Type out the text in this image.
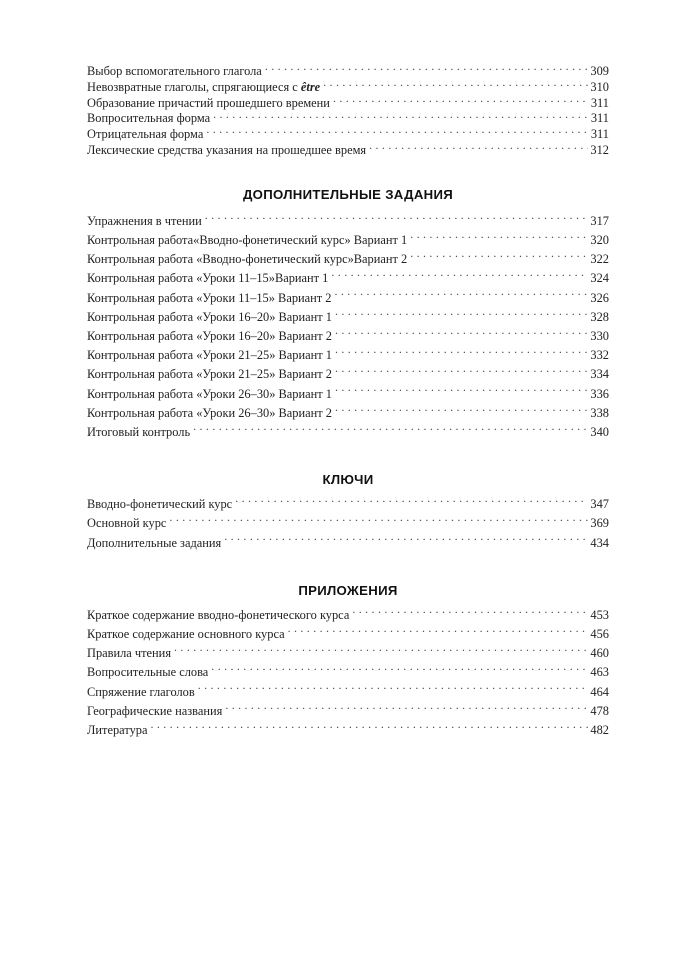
Выбор вспомогательного глагола . . .	309
Невозвратные глаголы, спрягающиеся с être . . .	310
Образование причастий прошедшего времени . . .	311
Вопросительная форма . . .	311
Отрицательная форма . . .	311
Лексические средства указания на прошедшее время . . .	312
ДОПОЛНИТЕЛЬНЫЕ ЗАДАНИЯ
Упражнения в чтении . . .	317
Контрольная работа«Вводно-фонетический курс» Вариант 1 . . .	320
Контрольная работа «Вводно-фонетический курс»Вариант 2 . . .	322
Контрольная работа «Уроки 11–15»Вариант 1 . . .	324
Контрольная работа «Уроки 11–15» Вариант 2 . . .	326
Контрольная работа «Уроки 16–20» Вариант 1 . . .	328
Контрольная работа «Уроки 16–20» Вариант 2 . . .	330
Контрольная работа «Уроки 21–25» Вариант 1 . . .	332
Контрольная работа «Уроки 21–25» Вариант 2 . . .	334
Контрольная работа «Уроки 26–30» Вариант 1 . . .	336
Контрольная работа «Уроки 26–30» Вариант 2 . . .	338
Итоговый контроль . . .	340
КЛЮЧИ
Вводно-фонетический курс . . .	347
Основной курс . . .	369
Дополнительные задания . . .	434
ПРИЛОЖЕНИЯ
Краткое содержание вводно-фонетического курса . . .	453
Краткое содержание основного курса . . .	456
Правила чтения . . .	460
Вопросительные слова . . .	463
Спряжение глаголов . . .	464
Географические названия . . .	478
Литература . . .	482
